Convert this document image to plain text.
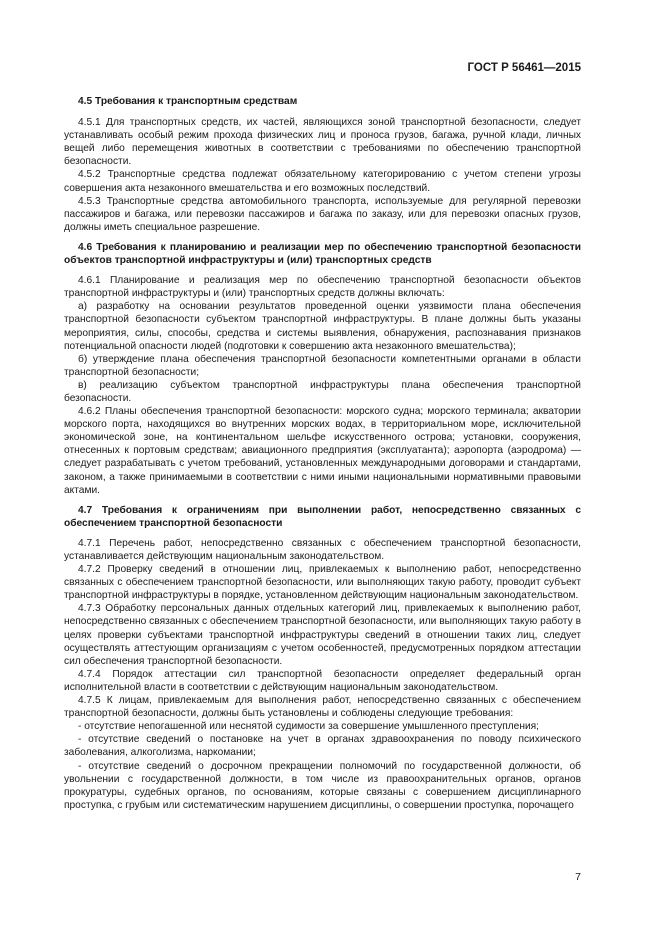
ГОСТ Р 56461—2015

4.5 Требования к транспортным средствам

4.5.1 Для транспортных средств, их частей, являющихся зоной транспортной безопасности, следует устанавливать особый режим прохода физических лиц и проноса грузов, багажа, ручной клади, личных вещей либо перемещения животных в соответствии с требованиями по обеспечению транспортной безопасности.

4.5.2 Транспортные средства подлежат обязательному категорированию с учетом степени угрозы совершения акта незаконного вмешательства и его возможных последствий.

4.5.3 Транспортные средства автомобильного транспорта, используемые для регулярной перевозки пассажиров и багажа, или перевозки пассажиров и багажа по заказу, или для перевозки опасных грузов, должны иметь специальное разрешение.

4.6 Требования к планированию и реализации мер по обеспечению транспортной безопасности объектов транспортной инфраструктуры и (или) транспортных средств

4.6.1 Планирование и реализация мер по обеспечению транспортной безопасности объектов транспортной инфраструктуры и (или) транспортных средств должны включать:

а) разработку на основании результатов проведенной оценки уязвимости плана обеспечения транспортной безопасности субъектом транспортной инфраструктуры. В плане должны быть указаны мероприятия, силы, способы, средства и системы выявления, обнаружения, распознавания признаков потенциальной опасности людей (подготовки к совершению акта незаконного вмешательства);

б) утверждение плана обеспечения транспортной безопасности компетентными органами в области транспортной безопасности;

в) реализацию субъектом транспортной инфраструктуры плана обеспечения транспортной безопасности.

4.6.2 Планы обеспечения транспортной безопасности: морского судна; морского терминала; акватории морского порта, находящихся во внутренних морских водах, в территориальном море, исключительной экономической зоне, на континентальном шельфе искусственного острова; установки, сооружения, отнесенных к портовым средствам; авиационного предприятия (эксплуатанта); аэропорта (аэродрома) — следует разрабатывать с учетом требований, установленных международными договорами и стандартами, законом, а также принимаемыми в соответствии с ними иными национальными нормативными правовыми актами.

4.7 Требования к ограничениям при выполнении работ, непосредственно связанных с обеспечением транспортной безопасности

4.7.1 Перечень работ, непосредственно связанных с обеспечением транспортной безопасности, устанавливается действующим национальным законодательством.

4.7.2 Проверку сведений в отношении лиц, привлекаемых к выполнению работ, непосредственно связанных с обеспечением транспортной безопасности, или выполняющих такую работу, проводит субъект транспортной инфраструктуры в порядке, установленном действующим национальным законодательством.

4.7.3 Обработку персональных данных отдельных категорий лиц, привлекаемых к выполнению работ, непосредственно связанных с обеспечением транспортной безопасности, или выполняющих такую работу в целях проверки субъектами транспортной инфраструктуры сведений в отношении таких лиц, следует осуществлять аттестующим организациям с учетом особенностей, предусмотренных порядком аттестации сил обеспечения транспортной безопасности.

4.7.4 Порядок аттестации сил транспортной безопасности определяет федеральный орган исполнительной власти в соответствии с действующим национальным законодательством.

4.7.5 К лицам, привлекаемым для выполнения работ, непосредственно связанных с обеспечением транспортной безопасности, должны быть установлены и соблюдены следующие требования:

- отсутствие непогашенной или неснятой судимости за совершение умышленного преступления;

- отсутствие сведений о постановке на учет в органах здравоохранения по поводу психического заболевания, алкоголизма, наркомании;

- отсутствие сведений о досрочном прекращении полномочий по государственной должности, об увольнении с государственной должности, в том числе из правоохранительных органов, органов прокуратуры, судебных органов, по основаниям, которые связаны с совершением дисциплинарного проступка, с грубым или систематическим нарушением дисциплины, о совершении проступка, порочащего

7
